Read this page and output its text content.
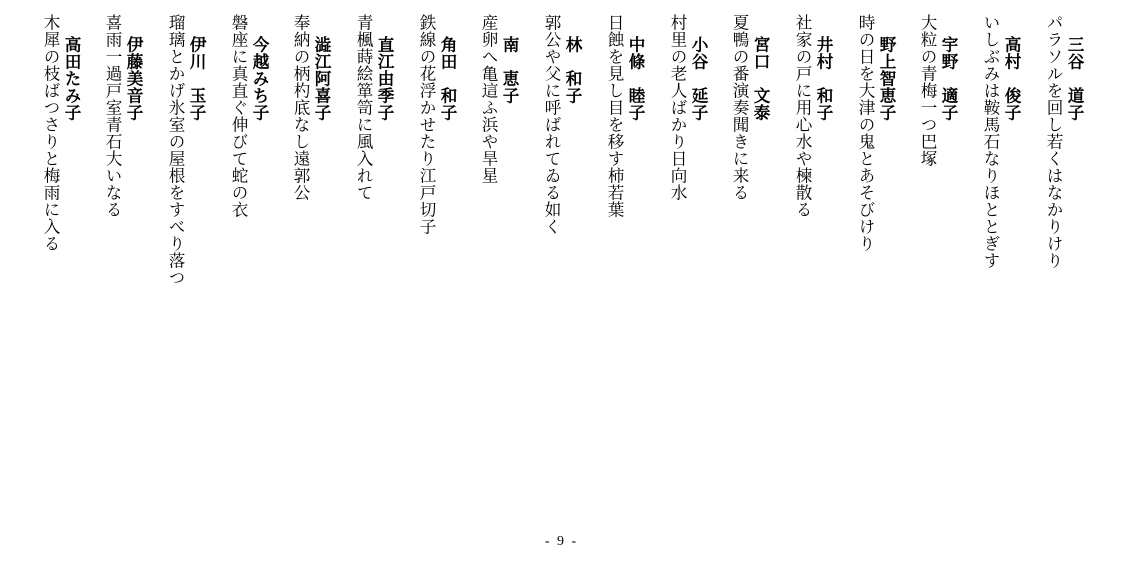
三谷　道子
パラソルを回し若くはなかりけり
高村　俊子
いしぶみは鞍馬石なりほととぎす
宇野　適子
大粒の青梅一つ巴塚
野上智恵子
時の日を大津の鬼とあそびけり
井村　和子
社家の戸に用心水や楝散る
宮口　文泰
夏鴨の番演奏聞きに来る
小谷　延子
村里の老人ばかり日向水
中條　睦子
日蝕を見し目を移す柿若葉
林　和子
郭公や父に呼ばれてゐる如く
南　恵子
産卵へ亀這ふ浜や旱星
角田　和子
鉄線の花浮かせたり江戸切子
直江由季子
青楓蒔絵箪笥に風入れて
澁江阿喜子
奉納の柄杓底なし遠郭公
今越みち子
磐座に真直ぐ伸びて蛇の衣
伊川　玉子
瑠璃とかげ氷室の屋根をすべり落つ
伊藤美音子
喜雨一過戸室青石大いなる
高田たみ子
木犀の枝ばつさりと梅雨に入る
- 9 -
